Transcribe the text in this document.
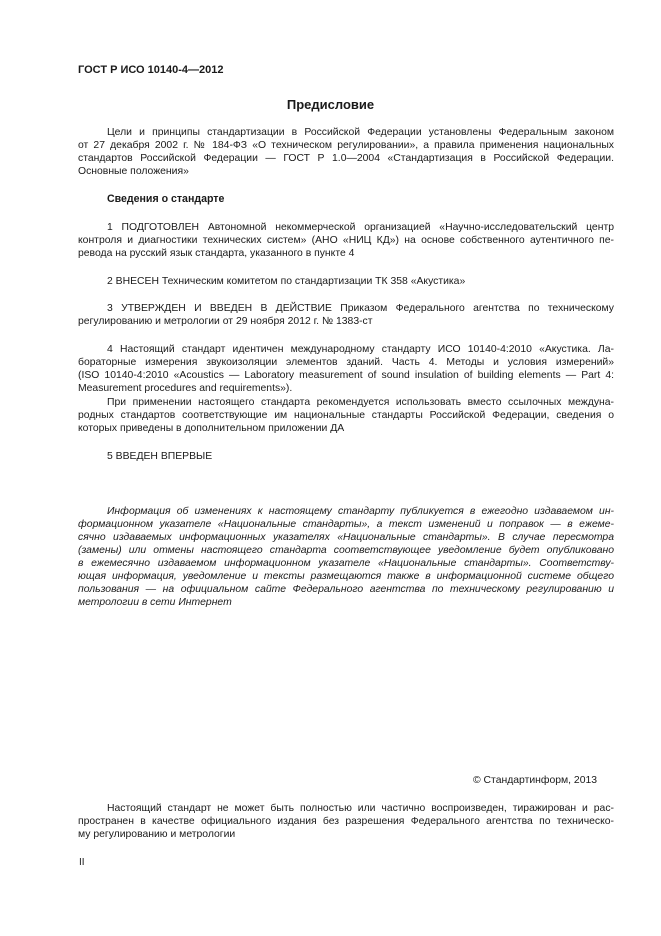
ГОСТ Р ИСО 10140-4—2012
Предисловие
Цели и принципы стандартизации в Российской Федерации установлены Федеральным законом
от 27 декабря 2002 г. № 184-ФЗ «О техническом регулировании», а правила применения национальных
стандартов Российской Федерации — ГОСТ Р 1.0—2004 «Стандартизация в Российской Федерации.
Основные положения»
Сведения о стандарте
1 ПОДГОТОВЛЕН Автономной некоммерческой организацией «Научно-исследовательский центр
контроля и диагностики технических систем» (АНО «НИЦ КД») на основе собственного аутентичного пе-
ревода на русский язык стандарта, указанного в пункте 4
2 ВНЕСЕН Техническим комитетом по стандартизации ТК 358 «Акустика»
3 УТВЕРЖДЕН И ВВЕДЕН В ДЕЙСТВИЕ Приказом Федерального агентства по техническому
регулированию и метрологии от 29 ноября 2012 г. № 1383-ст
4 Настоящий стандарт идентичен международному стандарту ИСО 10140-4:2010 «Акустика. Ла-
бораторные измерения звукоизоляции элементов зданий. Часть 4. Методы и условия измерений»
(ISO 10140-4:2010 «Acoustics — Laboratory measurement of sound insulation of building elements — Part 4:
Measurement procedures and requirements»).
При применении настоящего стандарта рекомендуется использовать вместо ссылочных междуна-
родных стандартов соответствующие им национальные стандарты Российской Федерации, сведения о
которых приведены в дополнительном приложении ДА
5 ВВЕДЕН ВПЕРВЫЕ
Информация об изменениях к настоящему стандарту публикуется в ежегодно издаваемом ин-
формационном указателе «Национальные стандарты», а текст изменений и поправок — в ежеме-
сячно издаваемых информационных указателях «Национальные стандарты». В случае пересмотра
(замены) или отмены настоящего стандарта соответствующее уведомление будет опубликовано
в ежемесячно издаваемом информационном указателе «Национальные стандарты». Соответству-
ющая информация, уведомление и тексты размещаются также в информационной системе общего
пользования — на официальном сайте Федерального агентства по техническому регулированию и
метрологии в сети Интернет
© Стандартинформ, 2013
Настоящий стандарт не может быть полностью или частично воспроизведен, тиражирован и рас-
пространен в качестве официального издания без разрешения Федерального агентства по техническо-
му регулированию и метрологии
II
